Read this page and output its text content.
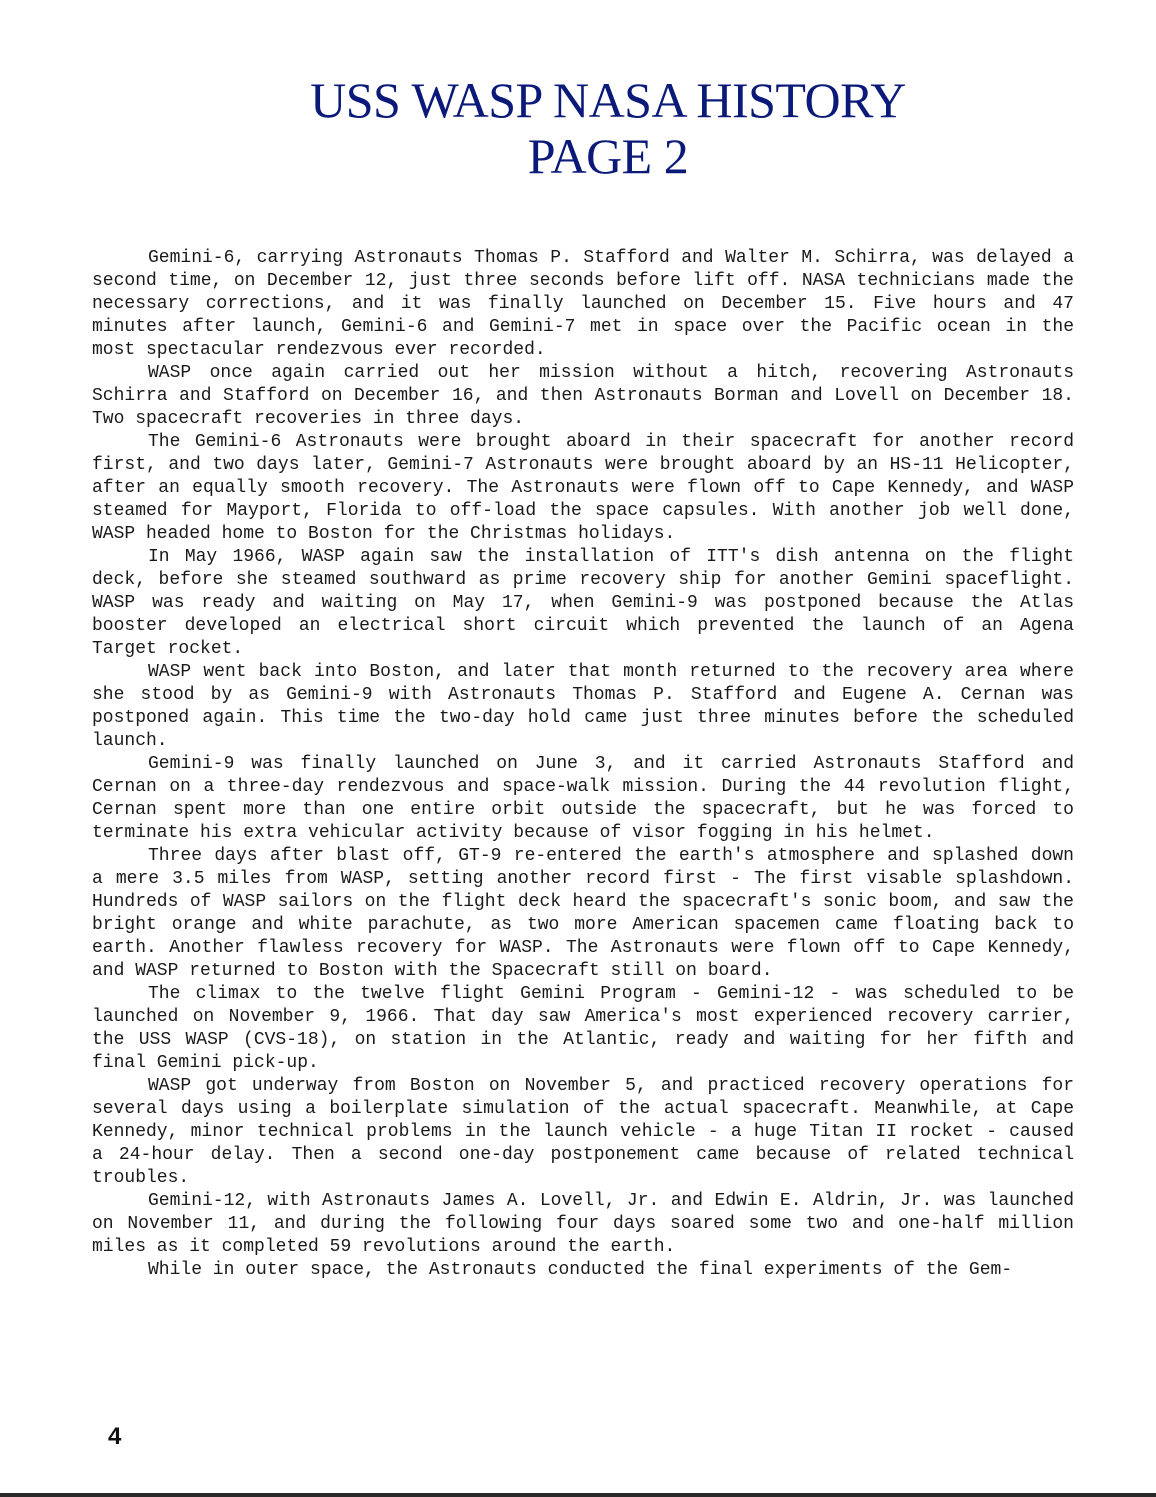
USS WASP NASA HISTORY
PAGE 2

Gemini-6, carrying Astronauts Thomas P. Stafford and Walter M. Schirra, was delayed a second time, on December 12, just three seconds before lift off. NASA technicians made the necessary corrections, and it was finally launched on December 15. Five hours and 47 minutes after launch, Gemini-6 and Gemini-7 met in space over the Pacific ocean in the most spectacular rendezvous ever recorded.

WASP once again carried out her mission without a hitch, recovering Astronauts Schirra and Stafford on December 16, and then Astronauts Borman and Lovell on December 18. Two spacecraft recoveries in three days.

The Gemini-6 Astronauts were brought aboard in their spacecraft for another record first, and two days later, Gemini-7 Astronauts were brought aboard by an HS-11 Helicopter, after an equally smooth recovery. The Astronauts were flown off to Cape Kennedy, and WASP steamed for Mayport, Florida to off-load the space capsules. With another job well done, WASP headed home to Boston for the Christmas holidays.

In May 1966, WASP again saw the installation of ITT's dish antenna on the flight deck, before she steamed southward as prime recovery ship for another Gemini spaceflight. WASP was ready and waiting on May 17, when Gemini-9 was postponed because the Atlas booster developed an electrical short circuit which prevented the launch of an Agena Target rocket.

WASP went back into Boston, and later that month returned to the recovery area where she stood by as Gemini-9 with Astronauts Thomas P. Stafford and Eugene A. Cernan was postponed again. This time the two-day hold came just three minutes before the scheduled launch.

Gemini-9 was finally launched on June 3, and it carried Astronauts Stafford and Cernan on a three-day rendezvous and space-walk mission. During the 44 revolution flight, Cernan spent more than one entire orbit outside the spacecraft, but he was forced to terminate his extra vehicular activity because of visor fogging in his helmet.

Three days after blast off, GT-9 re-entered the earth's atmosphere and splashed down a mere 3.5 miles from WASP, setting another record first - The first visable splashdown. Hundreds of WASP sailors on the flight deck heard the spacecraft's sonic boom, and saw the bright orange and white parachute, as two more American spacemen came floating back to earth. Another flawless recovery for WASP. The Astronauts were flown off to Cape Kennedy, and WASP returned to Boston with the Spacecraft still on board.

The climax to the twelve flight Gemini Program - Gemini-12 - was scheduled to be launched on November 9, 1966. That day saw America's most experienced recovery carrier, the USS WASP (CVS-18), on station in the Atlantic, ready and waiting for her fifth and final Gemini pick-up.

WASP got underway from Boston on November 5, and practiced recovery operations for several days using a boilerplate simulation of the actual spacecraft. Meanwhile, at Cape Kennedy, minor technical problems in the launch vehicle - a huge Titan II rocket - caused a 24-hour delay. Then a second one-day postponement came because of related technical troubles.

Gemini-12, with Astronauts James A. Lovell, Jr. and Edwin E. Aldrin, Jr. was launched on November 11, and during the following four days soared some two and one-half million miles as it completed 59 revolutions around the earth.

While in outer space, the Astronauts conducted the final experiments of the Gem-

4
